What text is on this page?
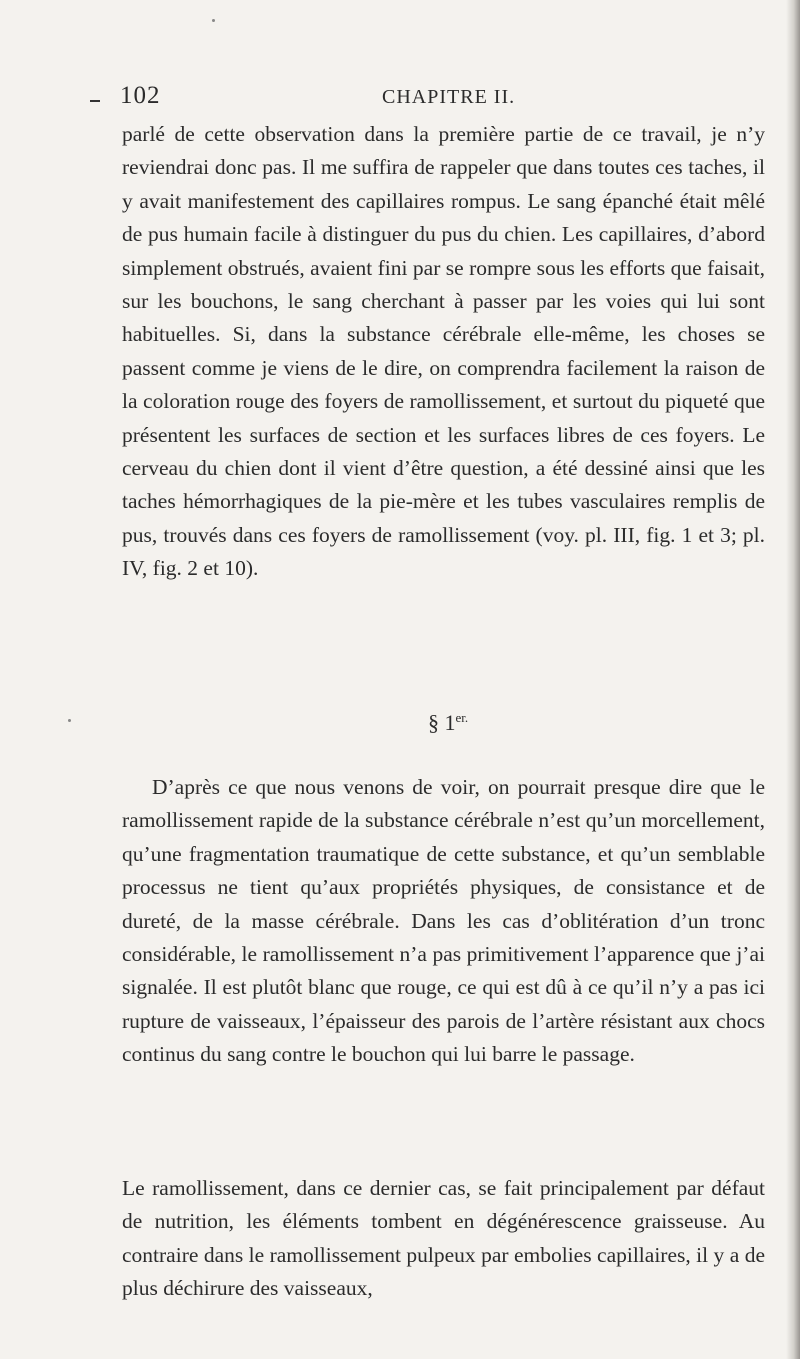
102	CHAPITRE II.

parlé de cette observation dans la première partie de ce travail, je n’y reviendrai donc pas. Il me suffira de rappeler que dans toutes ces taches, il y avait manifestement des capillaires rompus. Le sang épanché était mêlé de pus humain facile à distinguer du pus du chien. Les capillaires, d’abord simplement obstrués, avaient fini par se rompre sous les efforts que faisait, sur les bouchons, le sang cherchant à passer par les voies qui lui sont habituelles. Si, dans la substance cérébrale elle-même, les choses se passent comme je viens de le dire, on comprendra facilement la raison de la coloration rouge des foyers de ramollissement, et surtout du piqueté que présentent les surfaces de section et les surfaces libres de ces foyers. Le cerveau du chien dont il vient d’être question, a été dessiné ainsi que les taches hémorrhagiques de la pie-mère et les tubes vasculaires remplis de pus, trouvés dans ces foyers de ramollissement (voy. pl. III, fig. 1 et 3; pl. IV, fig. 2 et 10).

§ $1^{er.}$

D’après ce que nous venons de voir, on pourrait presque dire que le ramollissement rapide de la substance cérébrale n’est qu’un morcellement, qu’une fragmentation traumatique de cette substance, et qu’un semblable processus ne tient qu’aux propriétés physiques, de consistance et de dureté, de la masse cérébrale. Dans les cas d’oblitération d’un tronc considérable, le ramollissement n’a pas primitivement l’apparence que j’ai signalée. Il est plutôt blanc que rouge, ce qui est dû à ce qu’il n’y a pas ici rupture de vaisseaux, l’épaisseur des parois de l’artère résistant aux chocs continus du sang contre le bouchon qui lui barre le passage.

Le ramollissement, dans ce dernier cas, se fait principalement par défaut de nutrition, les éléments tombent en dégénérescence graisseuse. Au contraire dans le ramollissement pulpeux par embolies capillaires, il y a de plus déchirure des vaisseaux,
